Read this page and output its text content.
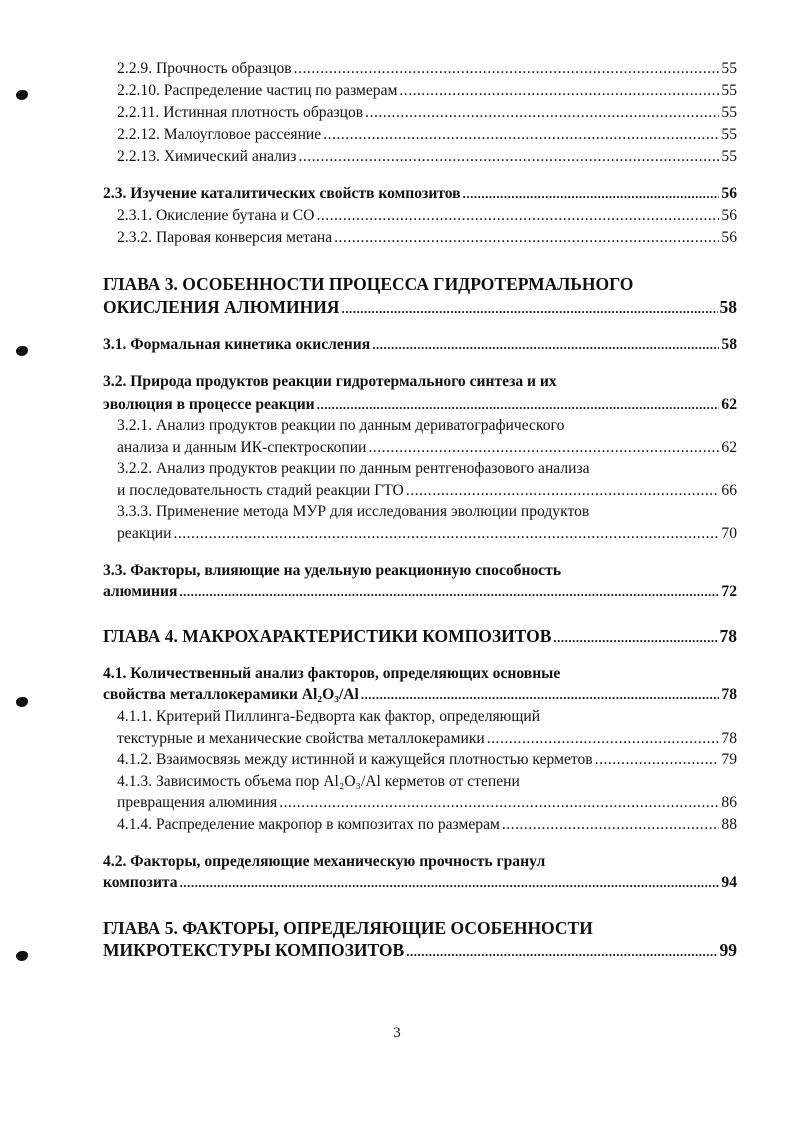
2.2.9. Прочность образцов .....	55
2.2.10. Распределение частиц по размерам .....	55
2.2.11. Истинная плотность образцов .....	55
2.2.12. Малоугловое рассеяние .....	55
2.2.13. Химический анализ .....	55
2.3. Изучение каталитических свойств композитов .....	56
2.3.1. Окисление бутана и СО .....	56
2.3.2. Паровая конверсия метана .....	56
ГЛАВА 3. ОСОБЕННОСТИ ПРОЦЕССА ГИДРОТЕРМАЛЬНОГО
ОКИСЛЕНИЯ АЛЮМИНИЯ .....	58
3.1. Формальная кинетика окисления .....	58
3.2. Природа продуктов реакции гидротермального синтеза и их
эволюция в процессе реакции .....	62
3.2.1. Анализ продуктов реакции по данным дериватографического
анализа и данным ИК-спектроскопии .....	62
3.2.2. Анализ продуктов реакции по данным рентгенофазового анализа
и последовательность стадий реакции ГТО .....	66
3.3.3. Применение метода МУР для исследования эволюции продуктов
реакции .....	70
3.3. Факторы, влияющие на удельную реакционную способность
алюминия .....	72
ГЛАВА 4. МАКРОХАРАКТЕРИСТИКИ КОМПОЗИТОВ .....	78
4.1. Количественный анализ факторов, определяющих основные
свойства металлокерамики Al₂O₃/Al .....	78
4.1.1. Критерий Пиллинга-Бедворта как фактор, определяющий
текстурные и механические свойства металлокерамики .....	78
4.1.2. Взаимосвязь между истинной и кажущейся плотностью керметов .....	79
4.1.3. Зависимость объема пор Al₂O₃/Al керметов от степени
превращения алюминия .....	86
4.1.4. Распределение макропор в композитах по размерам .....	88
4.2. Факторы, определяющие механическую прочность гранул
композита .....	94
ГЛАВА 5. ФАКТОРЫ, ОПРЕДЕЛЯЮЩИЕ ОСОБЕННОСТИ
МИКРОТЕКСТУРЫ КОМПОЗИТОВ .....	99
3
